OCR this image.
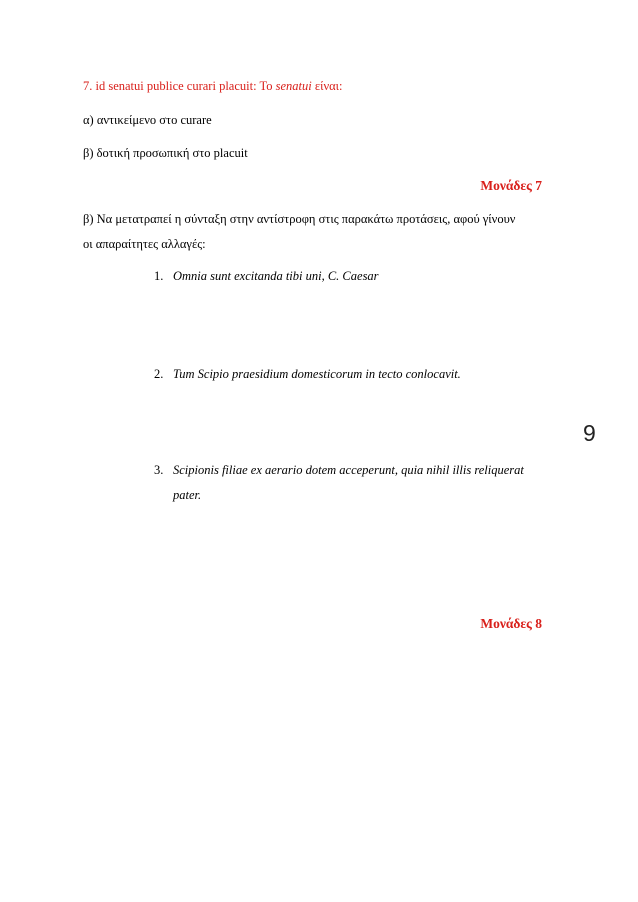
7. id senatui publice curari placuit: To senatui είναι:
α) αντικείμενο στο curare
β) δοτική προσωπική στο placuit
Μονάδες 7
β) Να μετατραπεί η σύνταξη στην αντίστροφη στις παρακάτω προτάσεις, αφού γίνουν
οι απαραίτητες αλλαγές:
1. Omnia sunt excitanda tibi uni, C. Caesar
2. Tum Scipio praesidium domesticorum in tecto conlocavit.
3. Scipionis filiae ex aerario dotem acceperunt, quia nihil illis reliquerat
pater.
9
Μονάδες 8
